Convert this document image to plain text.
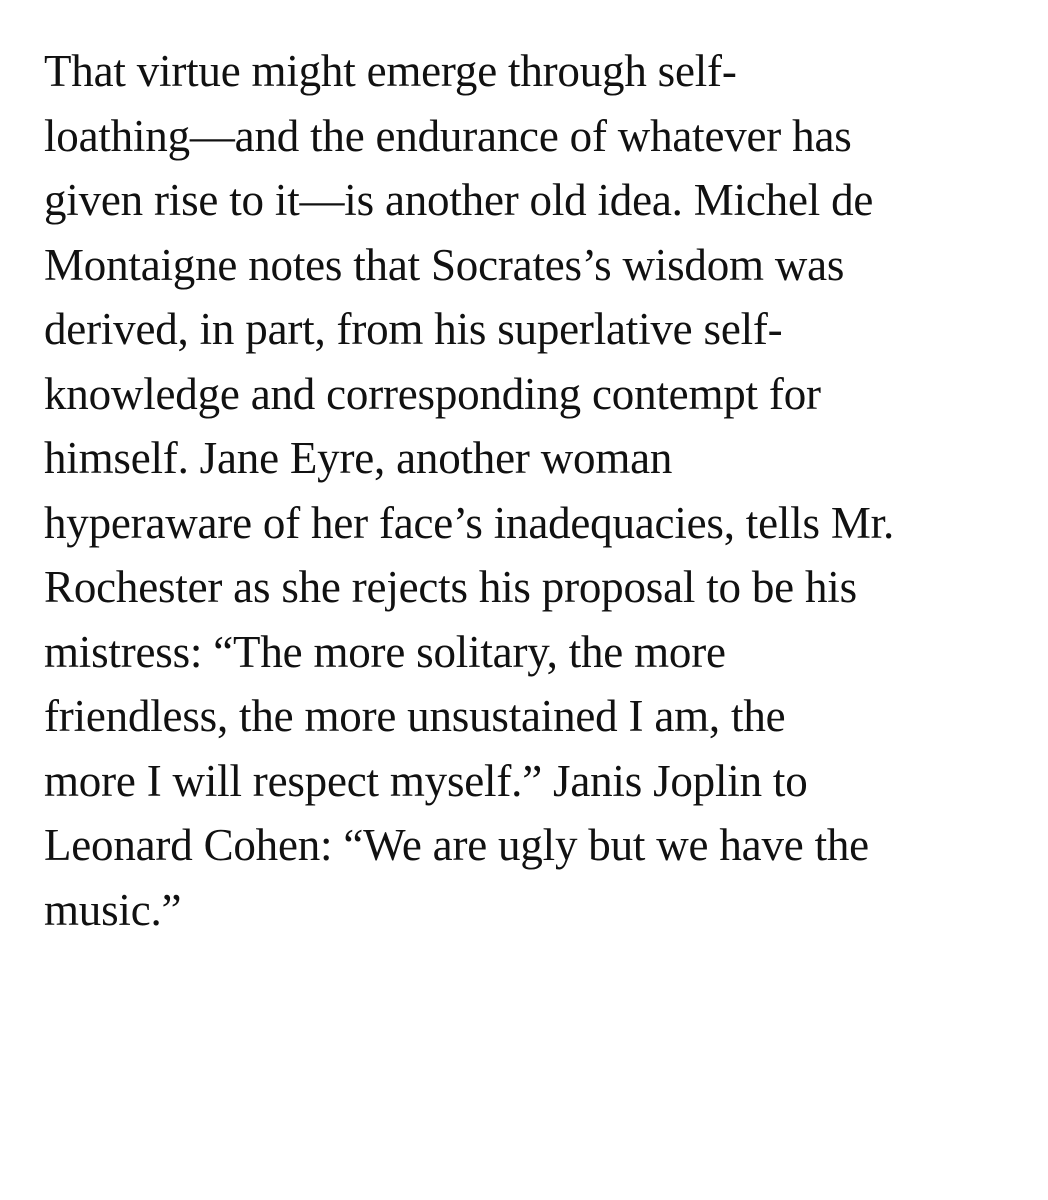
That virtue might emerge through self-
loathing—and the endurance of whatever has
given rise to it—is another old idea. Michel de
Montaigne notes that Socrates’s wisdom was
derived, in part, from his superlative self-
knowledge and corresponding contempt for
himself. Jane Eyre, another woman
hyperaware of her face’s inadequacies, tells Mr.
Rochester as she rejects his proposal to be his
mistress: “The more solitary, the more
friendless, the more unsustained I am, the
more I will respect myself.” Janis Joplin to
Leonard Cohen: “We are ugly but we have the
music.”
